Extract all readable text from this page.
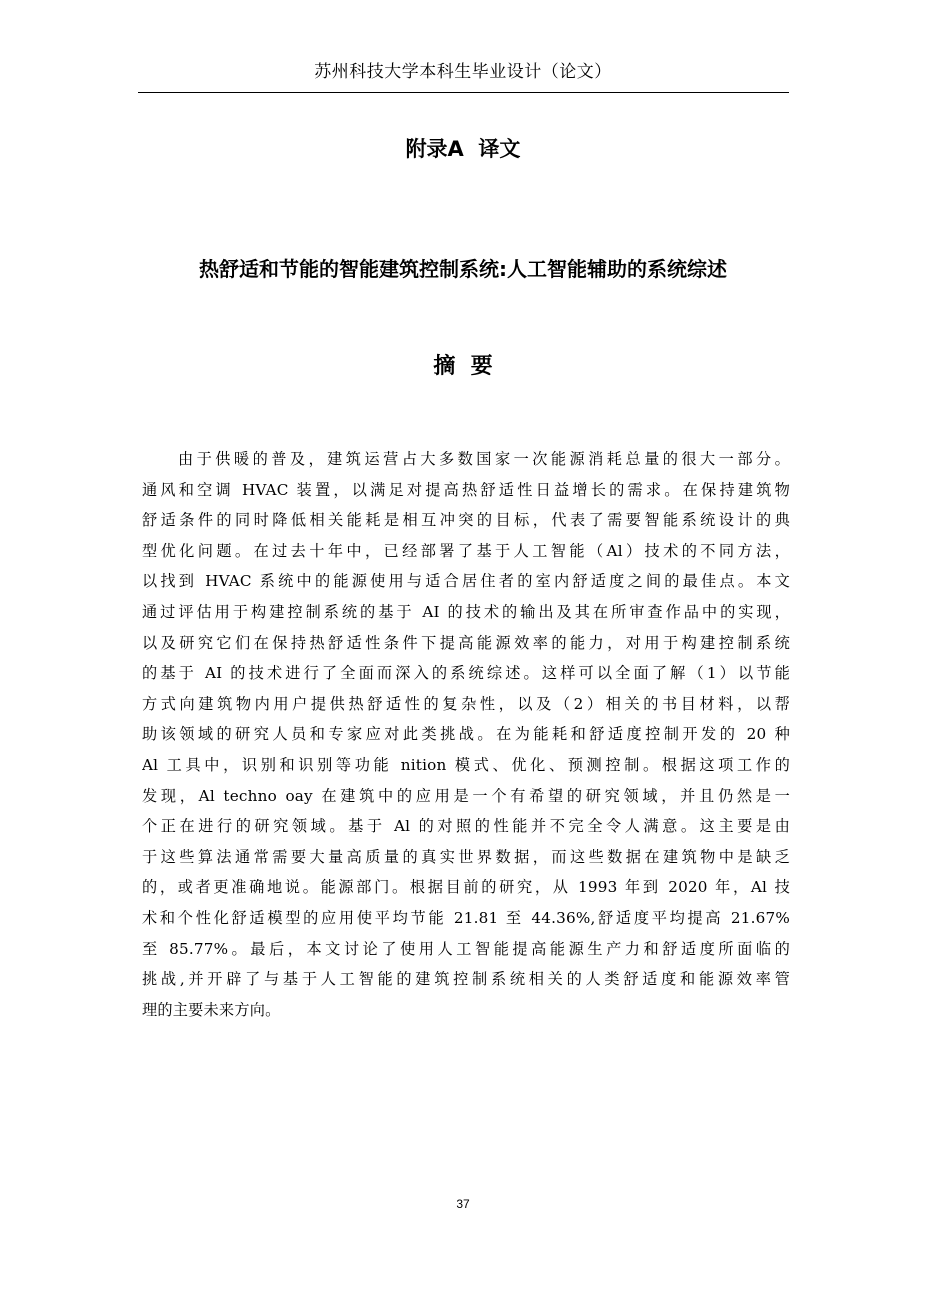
苏州科技大学本科生毕业设计（论文）
附录A  译文
热舒适和节能的智能建筑控制系统:人工智能辅助的系统综述
摘  要
由于供暖的普及，建筑运营占大多数国家一次能源消耗总量的很大一部分。
通风和空调 HVAC 装置，以满足对提高热舒适性日益增长的需求。在保持建筑物
舒适条件的同时降低相关能耗是相互冲突的目标，代表了需要智能系统设计的典
型优化问题。在过去十年中，已经部署了基于人工智能（Al）技术的不同方法，
以找到 HVAC 系统中的能源使用与适合居住者的室内舒适度之间的最佳点。本文
通过评估用于构建控制系统的基于 AI 的技术的输出及其在所审查作品中的实现，
以及研究它们在保持热舒适性条件下提高能源效率的能力，对用于构建控制系统
的基于 AI 的技术进行了全面而深入的系统综述。这样可以全面了解（1）以节能
方式向建筑物内用户提供热舒适性的复杂性，以及（2）相关的书目材料，以帮
助该领域的研究人员和专家应对此类挑战。在为能耗和舒适度控制开发的 20 种
Al 工具中，识别和识别等功能 nition 模式、优化、预测控制。根据这项工作的
发现，Al techno oay 在建筑中的应用是一个有希望的研究领域，并且仍然是一
个正在进行的研究领域。基于 Al 的对照的性能并不完全令人满意。这主要是由
于这些算法通常需要大量高质量的真实世界数据，而这些数据在建筑物中是缺乏
的，或者更准确地说。能源部门。根据目前的研究，从 1993 年到 2020 年，Al 技
术和个性化舒适模型的应用使平均节能 21.81 至 44.36%,舒适度平均提高 21.67%
至 85.77%。最后，本文讨论了使用人工智能提高能源生产力和舒适度所面临的
挑战,并开辟了与基于人工智能的建筑控制系统相关的人类舒适度和能源效率管
理的主要未来方向。
37
